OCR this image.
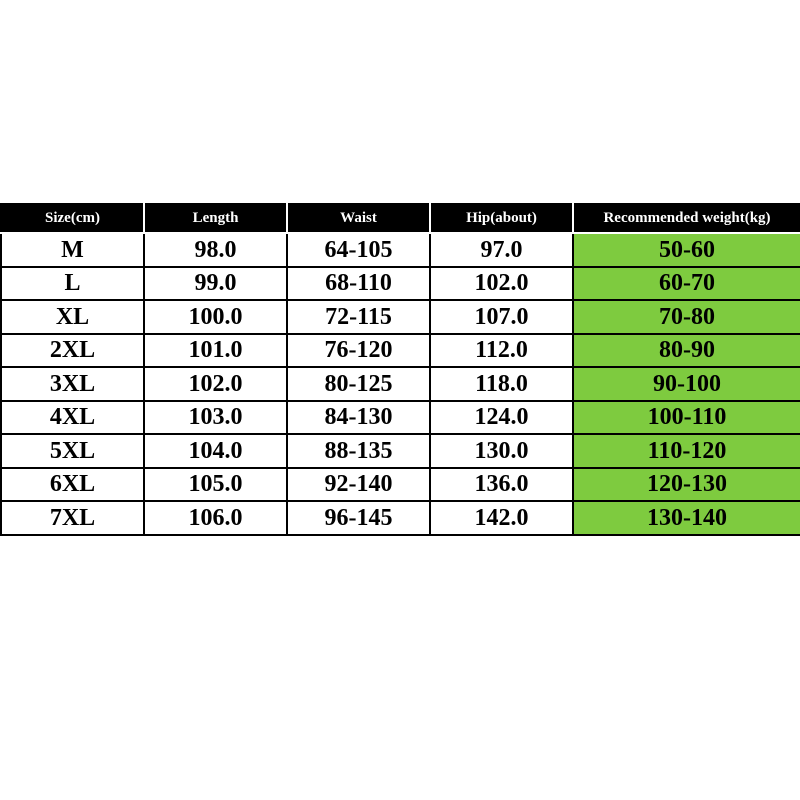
Size(cm)	Length	Waist	Hip(about)	Recommended weight(kg)
M	98.0	64-105	97.0	50-60
L	99.0	68-110	102.0	60-70
XL	100.0	72-115	107.0	70-80
2XL	101.0	76-120	112.0	80-90
3XL	102.0	80-125	118.0	90-100
4XL	103.0	84-130	124.0	100-110
5XL	104.0	88-135	130.0	110-120
6XL	105.0	92-140	136.0	120-130
7XL	106.0	96-145	142.0	130-140
